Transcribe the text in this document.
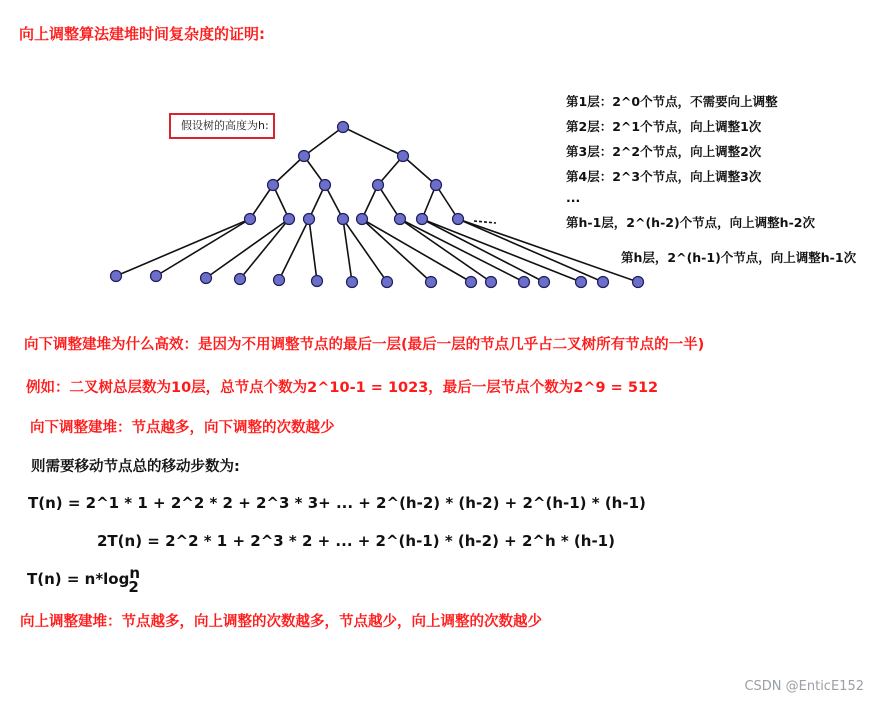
向上调整算法建堆时间复杂度的证明:
假设树的高度为h:
第1层：2^0个节点，不需要向上调整
第2层：2^1个节点，向上调整1次
第3层：2^2个节点，向上调整2次
第4层：2^3个节点，向上调整3次
...
第h-1层，2^(h-2)个节点，向上调整h-2次
第h层，2^(h-1)个节点，向上调整h-1次
向下调整建堆为什么高效：是因为不用调整节点的最后一层(最后一层的节点几乎占二叉树所有节点的一半)
例如：二叉树总层数为10层，总节点个数为2^10-1 = 1023，最后一层节点个数为2^9 = 512
向下调整建堆：节点越多，向下调整的次数越少
则需要移动节点总的移动步数为:
T(n) = 2^1 * 1 + 2^2 * 2 + 2^3 * 3+ ... + 2^(h-2) * (h-2) + 2^(h-1) * (h-1)
2T(n) = 2^2 * 1 + 2^3 * 2 + ... + 2^(h-1) * (h-2) + 2^h * (h-1)
T(n) = n*log n
2

向上调整建堆：节点越多，向上调整的次数越多，节点越少，向上调整的次数越少
CSDN @EnticE152
